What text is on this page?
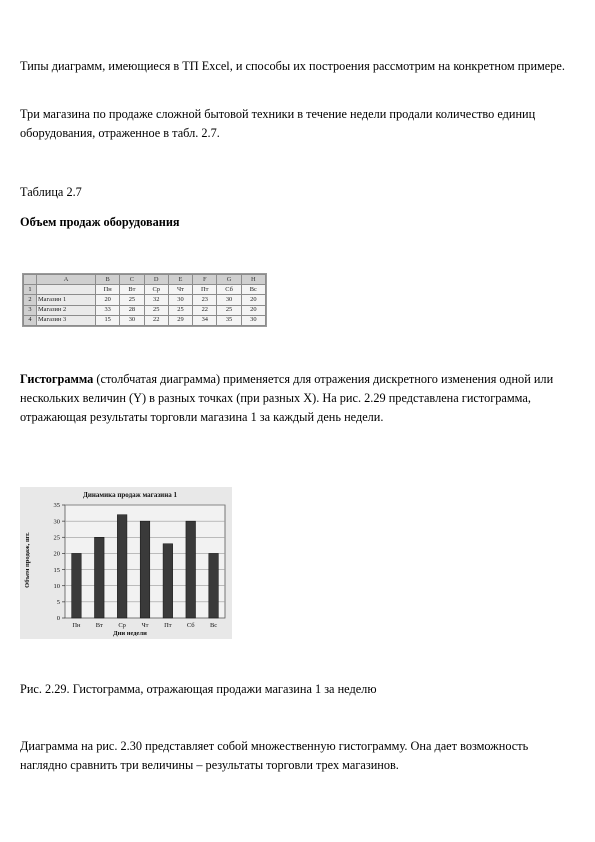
Типы диаграмм, имеющиеся в ТП Excel, и способы их построения рассмотрим на конкретном примере.

Три магазина по продаже сложной бытовой техники в течение недели продали количество единиц оборудования, отраженное в табл. 2.7.

Таблица 2.7

Объем продаж оборудования

	A	B	C	D	E	F	G	H
1		Пн	Вт	Ср	Чт	Пт	Сб	Вс
2	Магазин 1	20	25	32	30	23	30	20
3	Магазин 2	33	28	25	25	22	25	20
4	Магазин 3	15	30	22	29	34	35	30

Гистограмма (столбчатая диаграмма) применяется для отражения дискретного изменения одной или нескольких величин (Y) в разных точках (при разных X). На рис. 2.29 представлена гистограмма, отражающая результаты торговли магазина 1 за каждый день недели.

Динамика продаж магазина 1
Объем продаж, шт.
Дни недели
0
5
10
15
20
25
30
35
Пн Вт Ср Чт Пт Сб Вс

Рис. 2.29. Гистограмма, отражающая продажи магазина 1 за неделю

Диаграмма на рис. 2.30 представляет собой множественную гистограмму. Она дает возможность наглядно сравнить три величины – результаты торговли трех магазинов.
